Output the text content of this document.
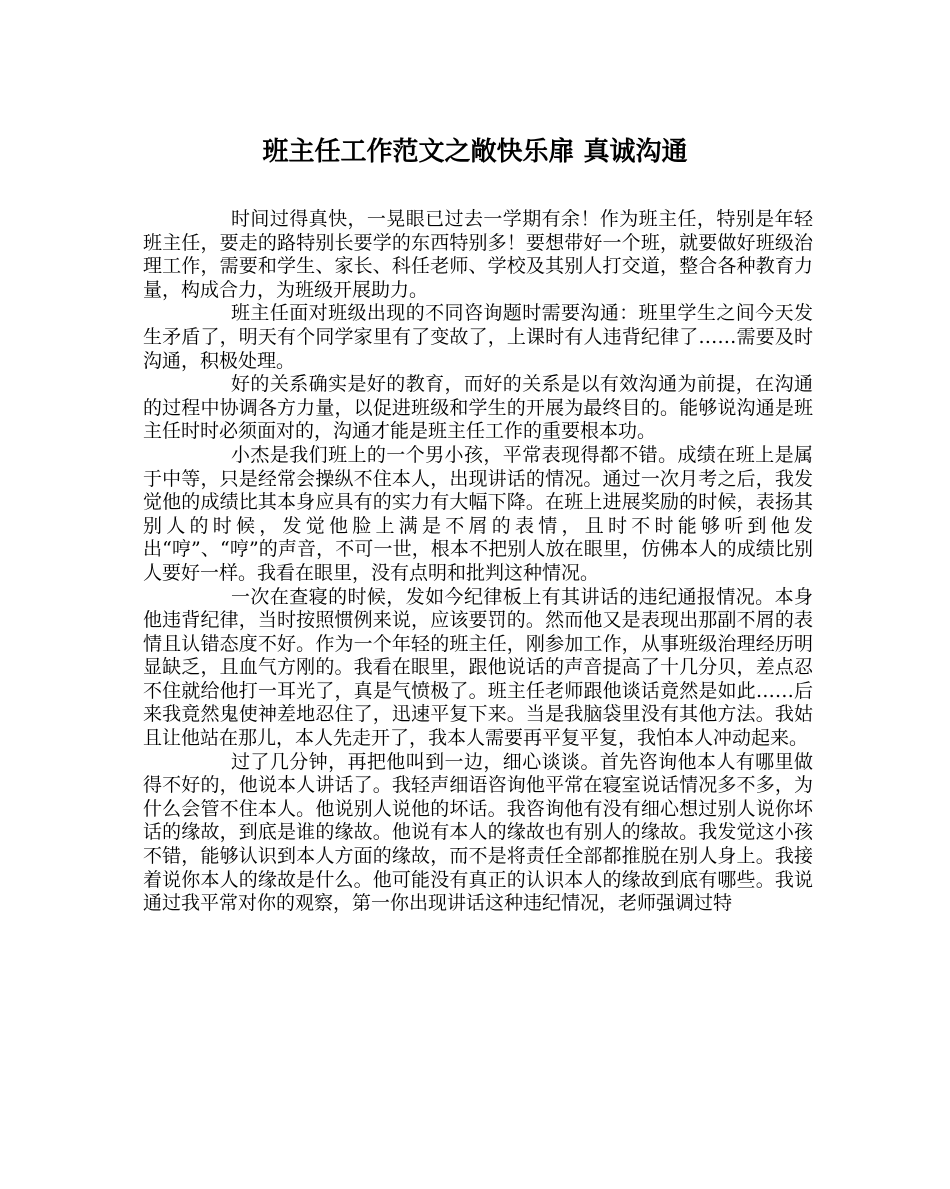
班主任工作范文之敞快乐扉 真诚沟通

时间过得真快，一晃眼已过去一学期有余！作为班主任，特别是年轻班主任，要走的路特别长要学的东西特别多！要想带好一个班，就要做好班级治理工作，需要和学生、家长、科任老师、学校及其别人打交道，整合各种教育力量，构成合力，为班级开展助力。

班主任面对班级出现的不同咨询题时需要沟通：班里学生之间今天发生矛盾了，明天有个同学家里有了变故了，上课时有人违背纪律了……需要及时沟通，积极处理。

好的关系确实是好的教育，而好的关系是以有效沟通为前提，在沟通的过程中协调各方力量，以促进班级和学生的开展为最终目的。能够说沟通是班主任时时必须面对的，沟通才能是班主任工作的重要根本功。

小杰是我们班上的一个男小孩，平常表现得都不错。成绩在班上是属于中等，只是经常会操纵不住本人，出现讲话的情况。通过一次月考之后，我发觉他的成绩比其本身应具有的实力有大幅下降。在班上进展奖励的时候，表扬其别人的时候，发觉他脸上满是不屑的表情，且时不时能够听到他发出“哼”、“哼”的声音，不可一世，根本不把别人放在眼里，仿佛本人的成绩比别人要好一样。我看在眼里，没有点明和批判这种情况。

一次在查寝的时候，发如今纪律板上有其讲话的违纪通报情况。本身他违背纪律，当时按照惯例来说，应该要罚的。然而他又是表现出那副不屑的表情且认错态度不好。作为一个年轻的班主任，刚参加工作，从事班级治理经历明显缺乏，且血气方刚的。我看在眼里，跟他说话的声音提高了十几分贝，差点忍不住就给他打一耳光了，真是气愤极了。班主任老师跟他谈话竟然是如此……后来我竟然鬼使神差地忍住了，迅速平复下来。当是我脑袋里没有其他方法。我姑且让他站在那儿，本人先走开了，我本人需要再平复平复，我怕本人冲动起来。

过了几分钟，再把他叫到一边，细心谈谈。首先咨询他本人有哪里做得不好的，他说本人讲话了。我轻声细语咨询他平常在寝室说话情况多不多，为什么会管不住本人。他说别人说他的坏话。我咨询他有没有细心想过别人说你坏话的缘故，到底是谁的缘故。他说有本人的缘故也有别人的缘故。我发觉这小孩不错，能够认识到本人方面的缘故，而不是将责任全部都推脱在别人身上。我接着说你本人的缘故是什么。他可能没有真正的认识本人的缘故到底有哪些。我说通过我平常对你的观察，第一你出现讲话这种违纪情况，老师强调过特
